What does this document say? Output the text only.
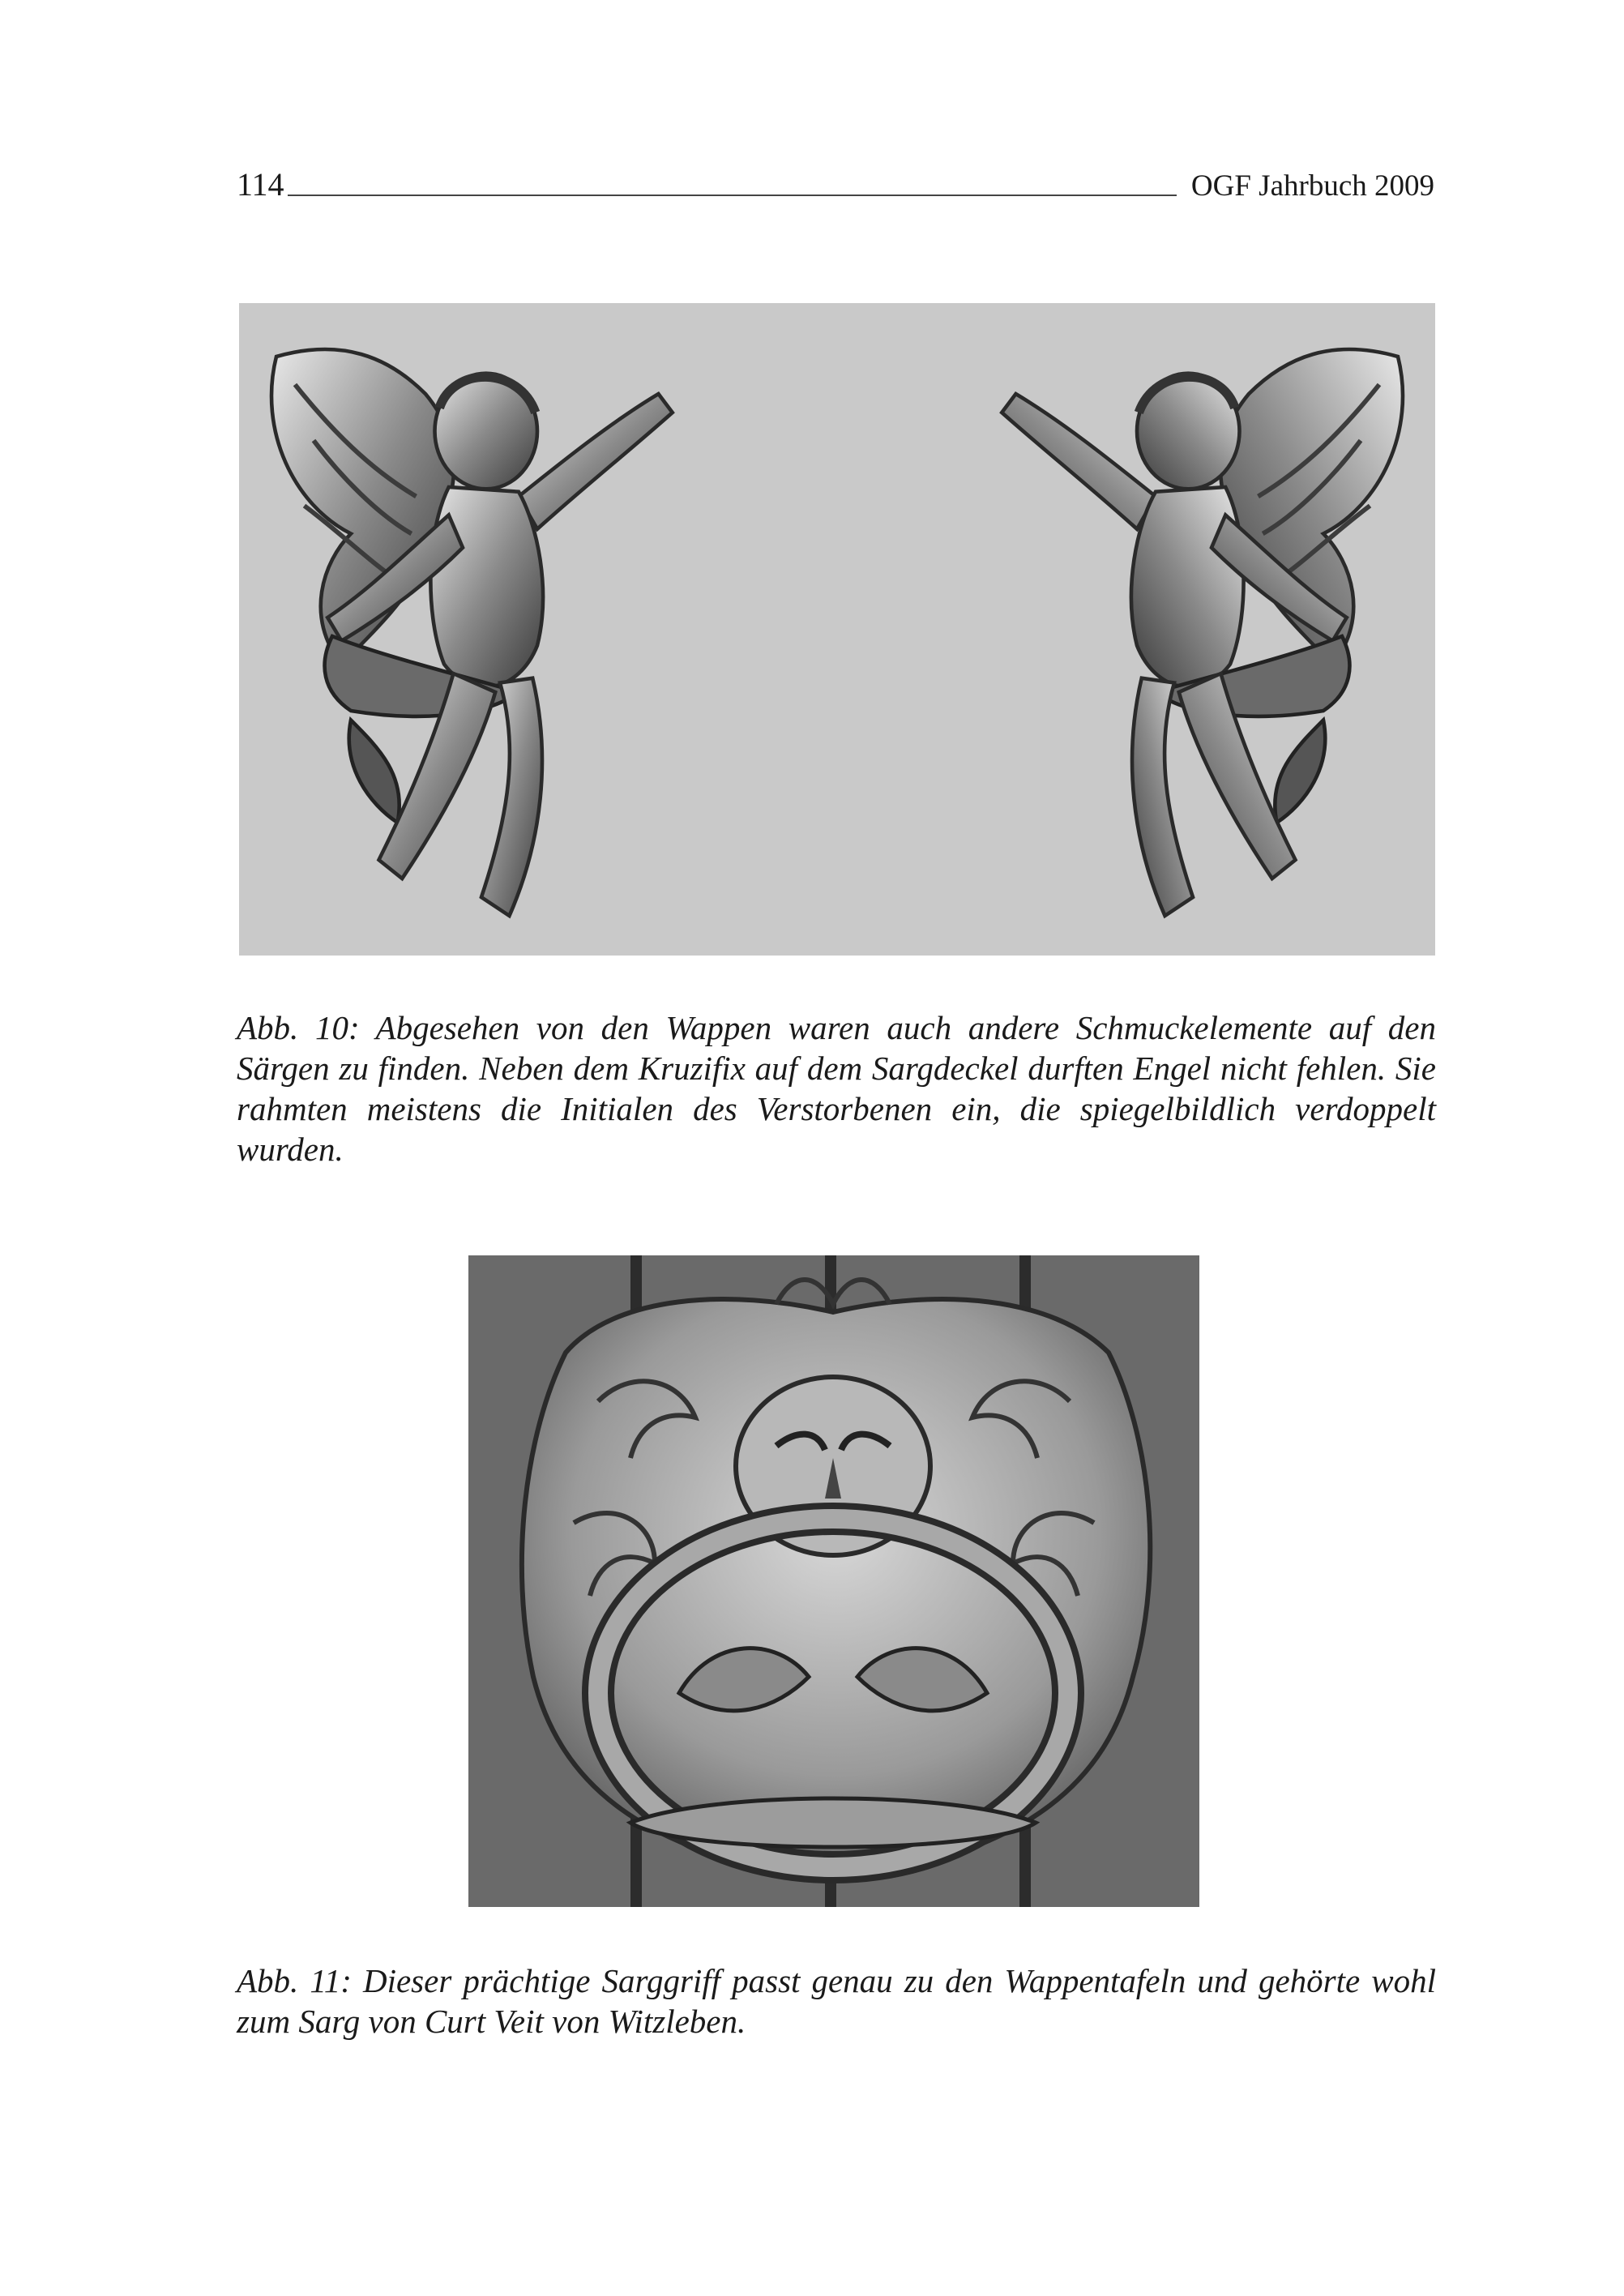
114	OGF Jahrbuch 2009

Abb. 10: Abgesehen von den Wappen waren auch andere Schmuckelemente auf den Särgen zu finden. Neben dem Kruzifix auf dem Sargdeckel durften Engel nicht fehlen. Sie rahmten meistens die Initialen des Verstorbenen ein, die spiegelbildlich verdoppelt wurden.

Abb. 11: Dieser prächtige Sarggriff passt genau zu den Wappentafeln und gehörte wohl zum Sarg von Curt Veit von Witzleben.
